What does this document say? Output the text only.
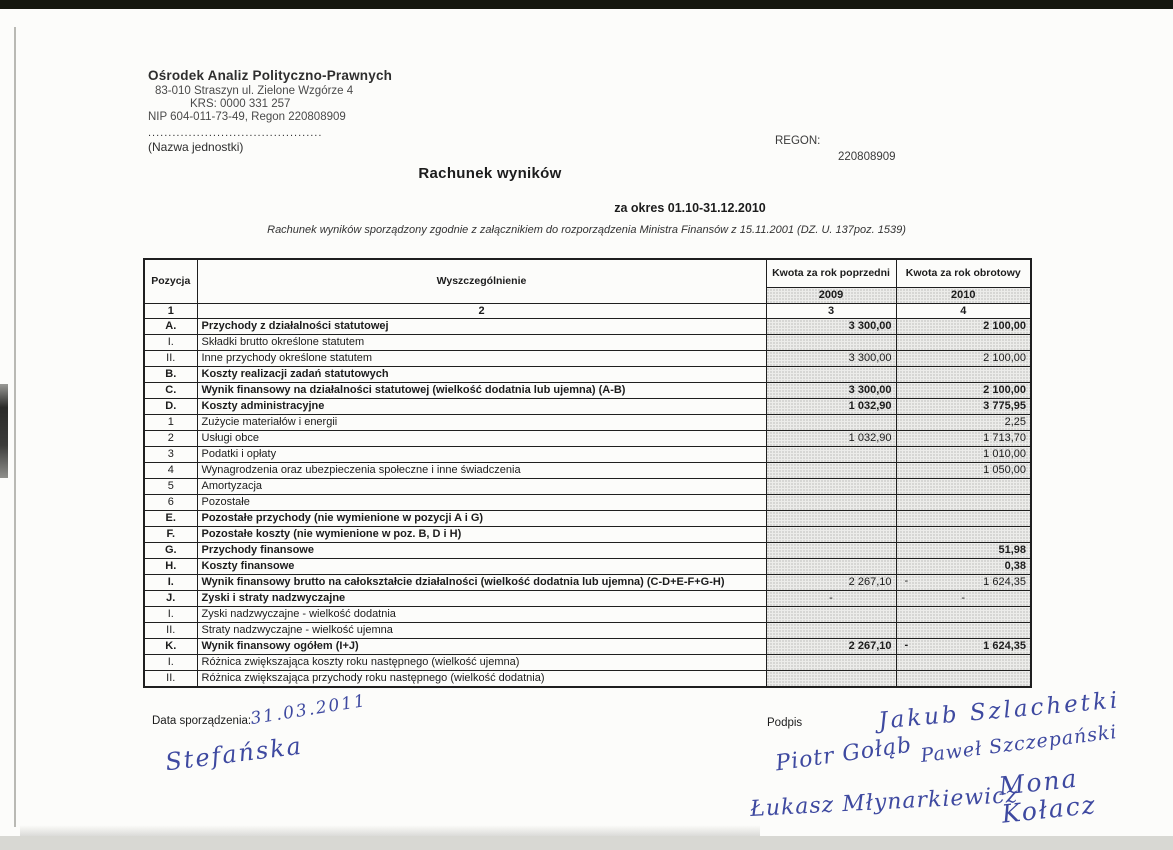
Ośrodek Analiz Polityczno-Prawnych
83-010 Straszyn ul. Zielone Wzgórze 4
KRS: 0000 331 257
NIP 604-011-73-49, Regon 220808909
...........................................
(Nazwa jednostki)	REGON:
220808909
Rachunek wyników
za okres 01.10-31.12.2010
Rachunek wyników sporządzony zgodnie z załącznikiem do rozporządzenia Ministra Finansów z 15.11.2001 (DZ. U. 137poz. 1539)
Pozycja	Wyszczególnienie	Kwota za rok poprzedni	Kwota za rok obrotowy
		2009	2010
1	2	3	4
A.	Przychody z działalności statutowej	3 300,00	2 100,00
I.	Składki brutto określone statutem		
II.	Inne przychody określone statutem	3 300,00	2 100,00
B.	Koszty realizacji zadań statutowych		
C.	Wynik finansowy na działalności statutowej (wielkość dodatnia lub ujemna) (A-B)	3 300,00	2 100,00
D.	Koszty administracyjne	1 032,90	3 775,95
1	Zużycie materiałów i energii		2,25
2	Usługi obce	1 032,90	1 713,70
3	Podatki i opłaty		1 010,00
4	Wynagrodzenia oraz ubezpieczenia społeczne i inne świadczenia		1 050,00
5	Amortyzacja		
6	Pozostałe		
E.	Pozostałe przychody (nie wymienione w pozycji A i G)		
F.	Pozostałe koszty (nie wymienione w poz. B, D i H)		
G.	Przychody finansowe		51,98
H.	Koszty finansowe		0,38
I.	Wynik finansowy brutto na całokształcie działalności (wielkość dodatnia lub ujemna) (C-D+E-F+G-H)	2 267,10	- 1 624,35
J.	Zyski i straty nadzwyczajne	-	-
I.	Zyski nadzwyczajne - wielkość dodatnia		
II.	Straty nadzwyczajne - wielkość ujemna		
K.	Wynik finansowy ogółem (I+J)	2 267,10	- 1 624,35
I.	Różnica zwiększająca koszty roku następnego (wielkość ujemna)		
II.	Różnica zwiększająca przychody roku następnego (wielkość dodatnia)		
Data sporządzenia:
31.03.2011
Stefańska
Podpis	Jakub Szlachetki
Piotr Gołąb Paweł Szczepański
Łukasz Młynarkiewicz
Mona Kołacz
